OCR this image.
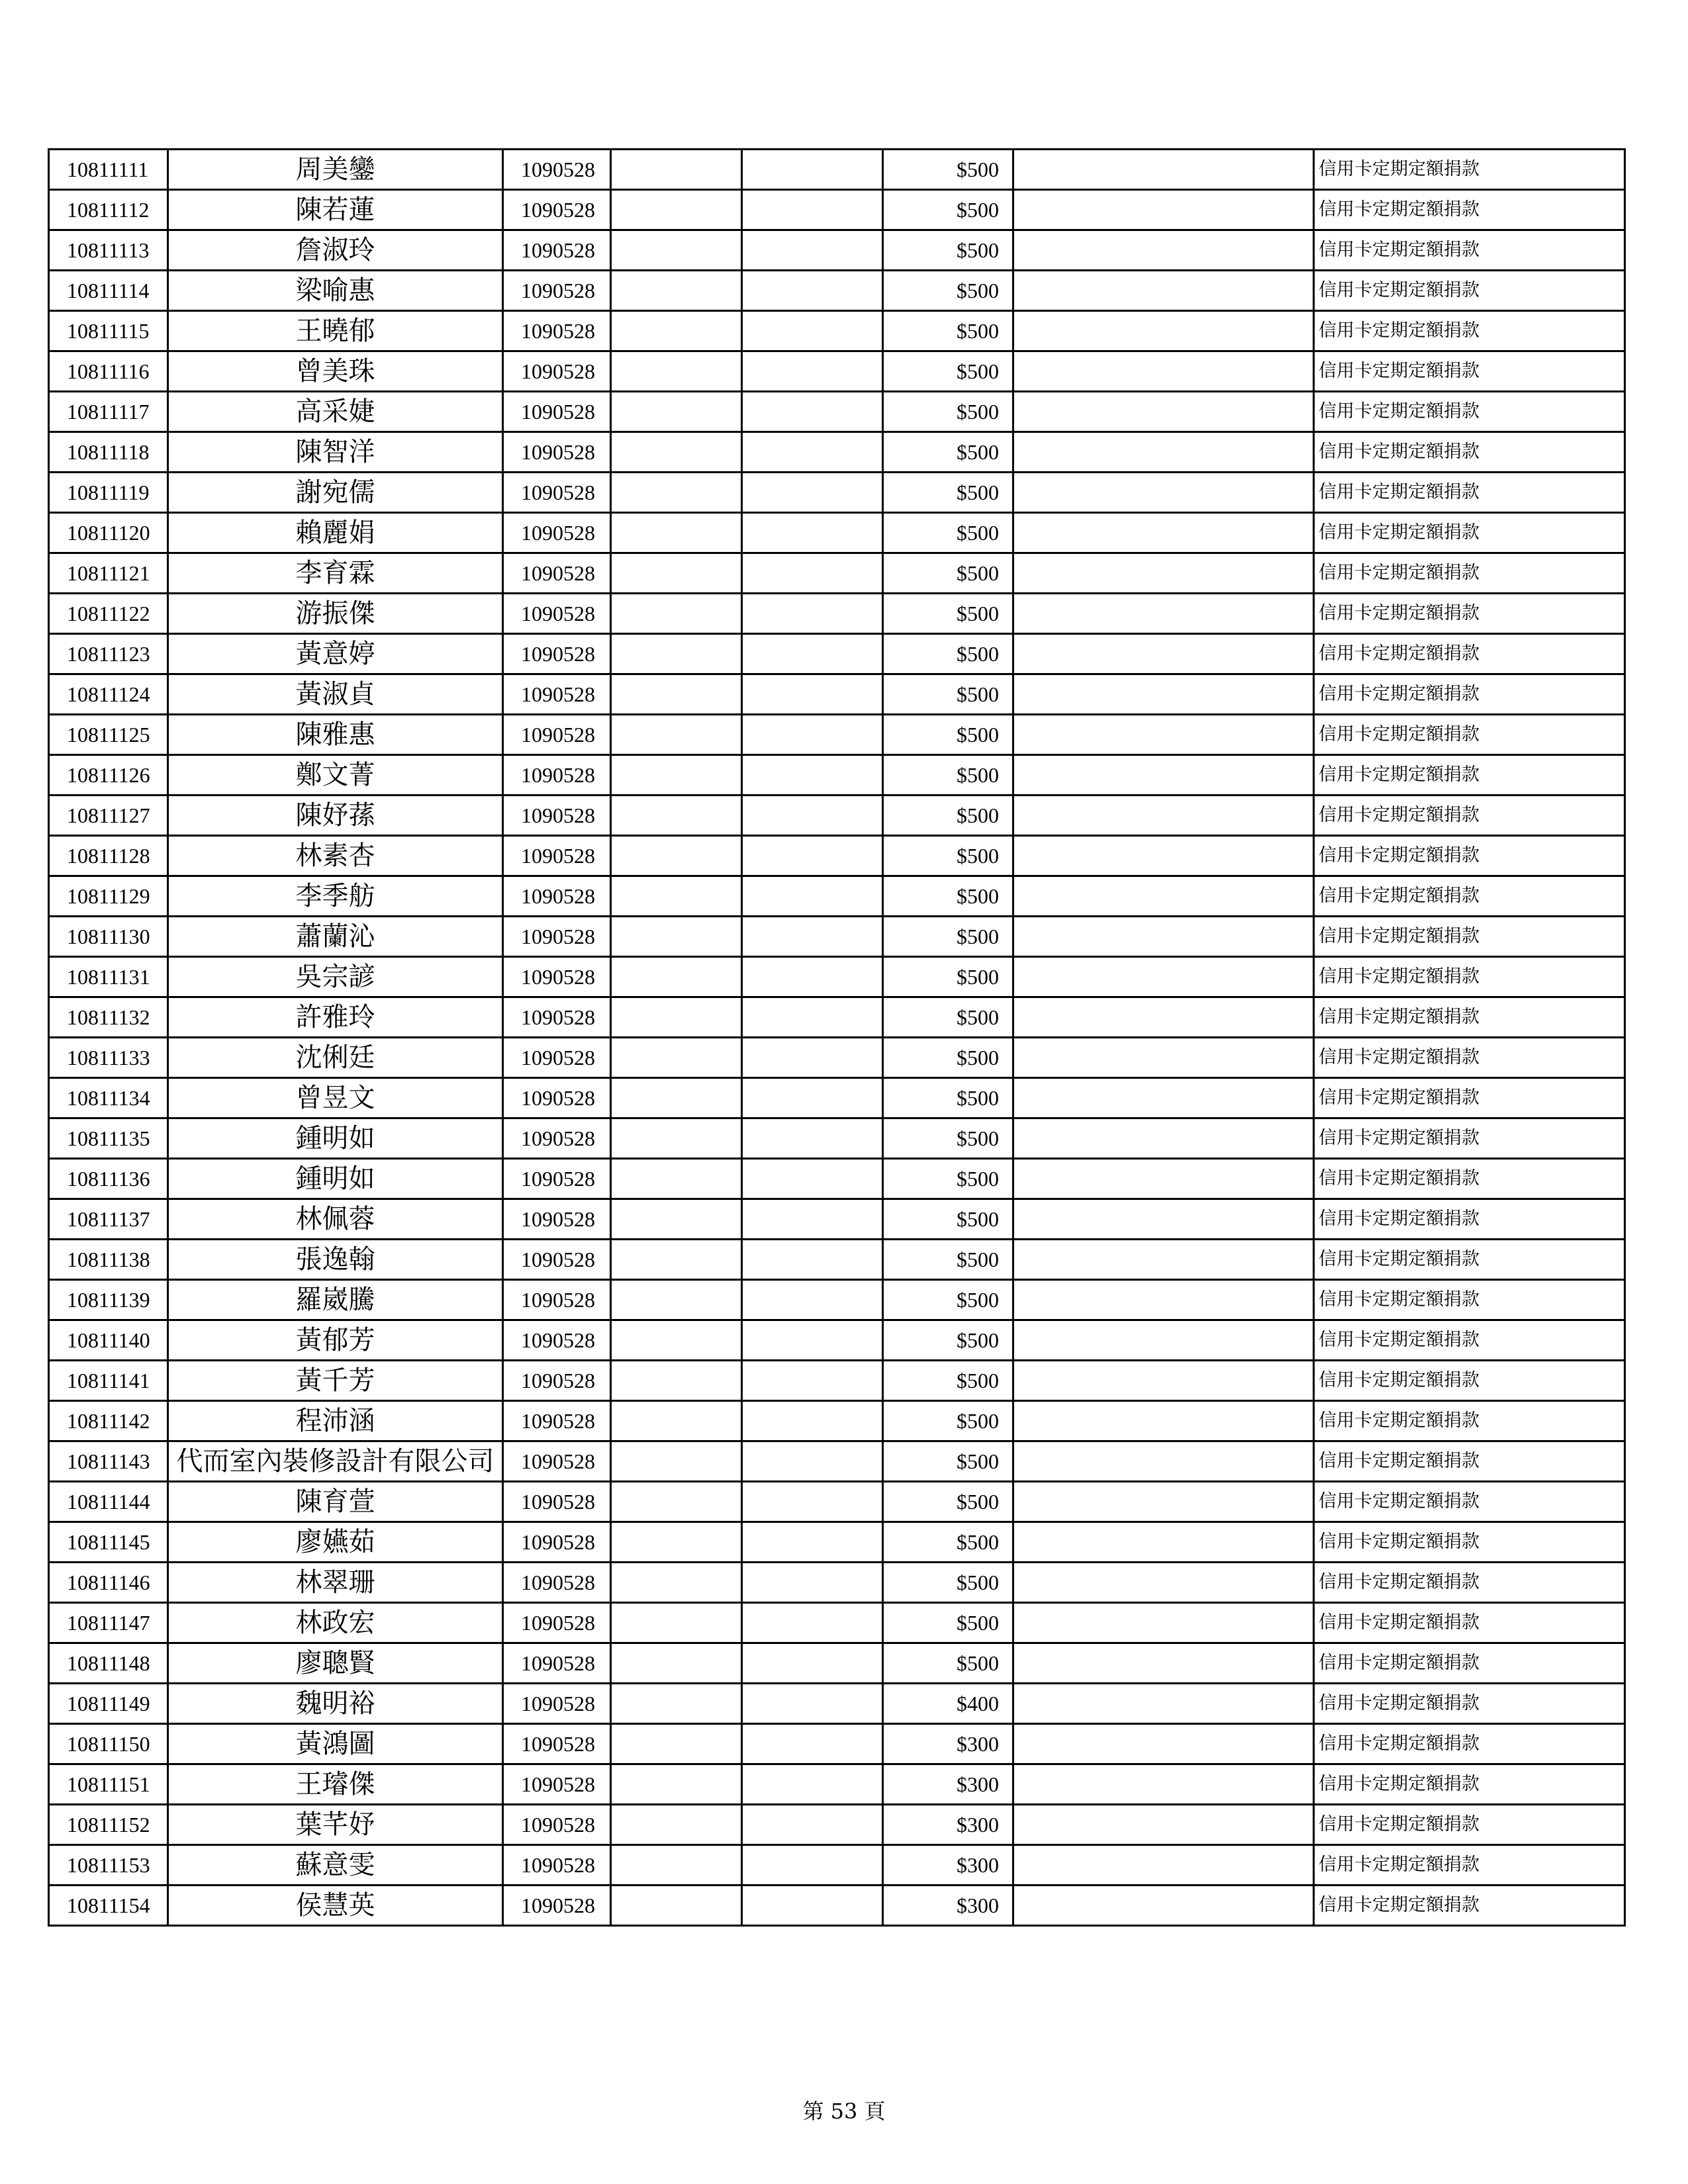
10811111	周美鑾	1090528			$500		信用卡定期定額捐款
10811112	陳若蓮	1090528			$500		信用卡定期定額捐款
10811113	詹淑玲	1090528			$500		信用卡定期定額捐款
10811114	梁喻惠	1090528			$500		信用卡定期定額捐款
10811115	王曉郁	1090528			$500		信用卡定期定額捐款
10811116	曾美珠	1090528			$500		信用卡定期定額捐款
10811117	高采婕	1090528			$500		信用卡定期定額捐款
10811118	陳智洋	1090528			$500		信用卡定期定額捐款
10811119	謝宛儒	1090528			$500		信用卡定期定額捐款
10811120	賴麗娟	1090528			$500		信用卡定期定額捐款
10811121	李育霖	1090528			$500		信用卡定期定額捐款
10811122	游振傑	1090528			$500		信用卡定期定額捐款
10811123	黃意婷	1090528			$500		信用卡定期定額捐款
10811124	黃淑貞	1090528			$500		信用卡定期定額捐款
10811125	陳雅惠	1090528			$500		信用卡定期定額捐款
10811126	鄭文菁	1090528			$500		信用卡定期定額捐款
10811127	陳妤蓀	1090528			$500		信用卡定期定額捐款
10811128	林素杏	1090528			$500		信用卡定期定額捐款
10811129	李季舫	1090528			$500		信用卡定期定額捐款
10811130	蕭蘭沁	1090528			$500		信用卡定期定額捐款
10811131	吳宗諺	1090528			$500		信用卡定期定額捐款
10811132	許雅玲	1090528			$500		信用卡定期定額捐款
10811133	沈俐廷	1090528			$500		信用卡定期定額捐款
10811134	曾昱文	1090528			$500		信用卡定期定額捐款
10811135	鍾明如	1090528			$500		信用卡定期定額捐款
10811136	鍾明如	1090528			$500		信用卡定期定額捐款
10811137	林佩蓉	1090528			$500		信用卡定期定額捐款
10811138	張逸翰	1090528			$500		信用卡定期定額捐款
10811139	羅崴騰	1090528			$500		信用卡定期定額捐款
10811140	黃郁芳	1090528			$500		信用卡定期定額捐款
10811141	黃千芳	1090528			$500		信用卡定期定額捐款
10811142	程沛涵	1090528			$500		信用卡定期定額捐款
10811143	代而室內裝修設計有限公司	1090528			$500		信用卡定期定額捐款
10811144	陳育萱	1090528			$500		信用卡定期定額捐款
10811145	廖嬿茹	1090528			$500		信用卡定期定額捐款
10811146	林翠珊	1090528			$500		信用卡定期定額捐款
10811147	林政宏	1090528			$500		信用卡定期定額捐款
10811148	廖聰賢	1090528			$500		信用卡定期定額捐款
10811149	魏明裕	1090528			$400		信用卡定期定額捐款
10811150	黃鴻圖	1090528			$300		信用卡定期定額捐款
10811151	王璿傑	1090528			$300		信用卡定期定額捐款
10811152	葉芊妤	1090528			$300		信用卡定期定額捐款
10811153	蘇意雯	1090528			$300		信用卡定期定額捐款
10811154	侯慧英	1090528			$300		信用卡定期定額捐款
第 53 頁
